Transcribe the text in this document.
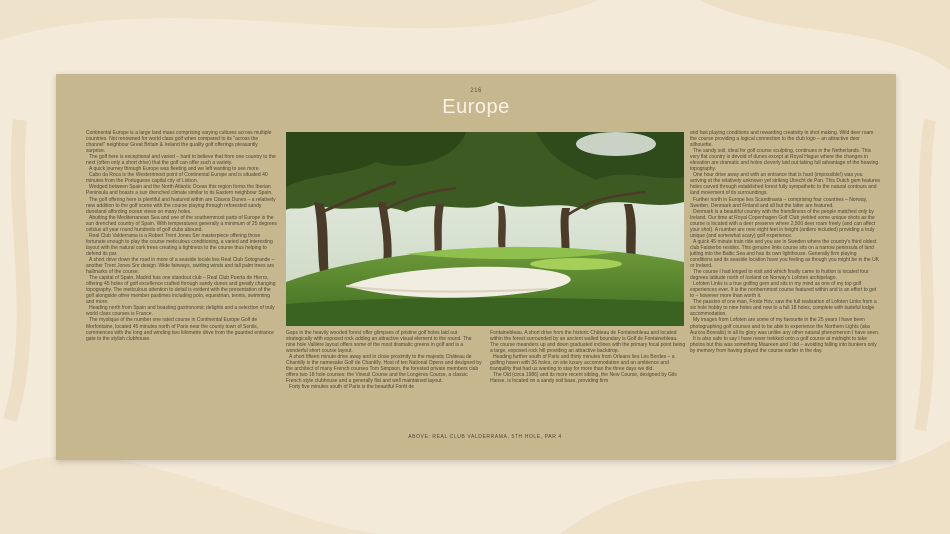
216
Europe

Continental Europe is a large land mass comprising varying cultures across multiple countries. Not renowned for world class golf when compared to its "across the channel" neighbour Great Britain & Ireland the quality golf offerings pleasantly surprise.

The golf here is exceptional and varied – hard to believe that from one country to the next (often only a short drive) that the golf can offer such a variety.

A quick journey through Europe was fleeting and we left wanting to see more.

Cabo da Roca is the Westernmost point of Continental Europe and is situated 40 minutes from the Portuguese capital city of Lisbon.

Wedged between Spain and the North Atlantic Ocean this region forms the Iberian Peninsula and boasts a sun drenched climate similar to its Eastern neighbour Spain.

The golf offering here is plentiful and featured within are Citavos Dunes – a relatively new addition to the golf scene with the course playing through reforested sandy duneland affording ocean views on many holes.

Abutting the Mediterranean Sea and one of the southernmost parts of Europe is the sun drenched country of Spain. With temperatures generally a minimum of 25 degrees celsius all year round hundreds of golf clubs abound.

Real Club Valderrama is a Robert Trent Jones Snr masterpiece offering those fortunate enough to play the course meticulous conditioning, a varied and interesting layout with the natural cork trees creating a tightness to the course thus helping to defend its par.

A short drive down the road in more of a seaside locale lies Real Club Sotogrande – another Trent Jones Snr design. Wide fairways, swirling winds and tall palm trees are hallmarks of the course.

The capital of Spain, Madrid has one standout club – Real Club Puerta de Hierro, offering 45 holes of golf excellence crafted through sandy dunes and greatly changing topography. The meticulous attention to detail is evident with the presentation of the golf alongside other member pastimes including polo, equestrian, tennis, swimming and more.

Heading north from Spain and boasting gastronomic delights and a selection of truly world class courses is France.

The mystique of the number one rated course in Continental Europe Golf de Morfontaine, located 45 minutes north of Paris near the county town of Senlis, commences with the long and winding two kilometre drive from the guarded entrance gate to the stylish clubhouse.

Gaps in the heavily wooded forest offer glimpses of pristine golf holes laid out strategically with exposed rock adding an attractive visual element to the round. The nine hole Vallière layout offers some of the most dramatic greens in golf and is a wonderful short course layout.

A short fifteen minute drive away and in close proximity to the majestic Château de Chantilly is the namesake Golf de Chantilly. Host of ten National Opens and designed by the architect of many French courses Tom Simpson, the forested private members club offers two 18 hole courses: the Vineuil Course and the Longères Course, a classic French style clubhouse and a generally flat and well maintained layout.

Forty five minutes south of Paris is the beautiful Forêt de

Fontainebleau. A short drive from the historic Château de Fontainebleau and located within the forest surrounded by an ancient walled boundary is Golf de Fontainebleau. The course meanders up and down graduated inclines with the primary focal point being a large, exposed rock hill providing an attractive backdrop.

Heading further south of Paris and thirty minutes from Orleans lies Les Bordes – a golfing haven with 36 holes, on site luxury accommodation and an ambience and tranquility that had us wanting to stay for more than the three days we did.

The Old (circa 1986) and its more recent sibling, the New Course, designed by Gils Hanse, is located on a sandy soil base, providing firm

ABOVE: REAL CLUB VALDERRAMA, 5TH HOLE, PAR 4

and fast playing conditions and rewarding creativity in shot making. Wild deer roam the course providing a logical connection to the club logo – an attractive deer silhouette.

The sandy soil, ideal for golf course sculpting, continues in the Netherlands. This very flat country is devoid of dunes except at Royal Hague where the changes in elevation are dramatic and holes cleverly laid out taking full advantage of the heaving topography.

One hour drive away and with an entrance that is hard (impossible!) was you arriving at the relatively unknown yet striking Utrecht de Pan. This Dutch gem features holes carved through established forest fully sympathetic to the natural contours and land movement of its surroundings.

Further north in Europe lies Scandinavia – comprising four countries – Norway, Sweden, Denmark and Finland and all but the latter are featured.

Denmark is a beautiful country with the friendliness of the people matched only by Ireland. Our time at Royal Copenhagen Golf Club yielded some unique shots as the course is located with a deer preserve where 2,500 deer roam freely (and can affect your shot). A number are over eight feet in height (antlers included) providing a truly unique (and somewhat scary) golf experience.

A quick 45 minute train ride and you are in Sweden where the country's third oldest club Falsterbo resides. This genuine links course sits on a narrow peninsula of land jutting into the Baltic Sea and has its own lighthouse. Generally firm playing conditions and its seaside location have you feeling as though you might be in the UK or Ireland.

The course I had longed to visit and which finally came to fruition is located four degrees latitude north of Iceland on Norway's Lofoten archipelago.

Lofoten Links is a true golfing gem and sits in my mind as one of my top golf experiences ever. It is the northernmost course featured within and is an effort to get to – however more than worth it.

The passion of one man, Frode Hov, saw the full realisation of Lofoten Links from a six hole hobby to nine holes and now to a full 18 holes, complete with tasteful lodge accommodation.

My images from Lofoten are some of my favourite in the 25 years I have been photographing golf courses and to be able to experience the Northern Lights (aka Aurora Borealis) in all its glory was unlike any other natural phenomenon I have seen.

It is also safe to say I have never trekked onto a golf course at midnight to take photos but this was something Maureen and I did – avoiding falling into bunkers only by memory from having played the course earlier in the day.
